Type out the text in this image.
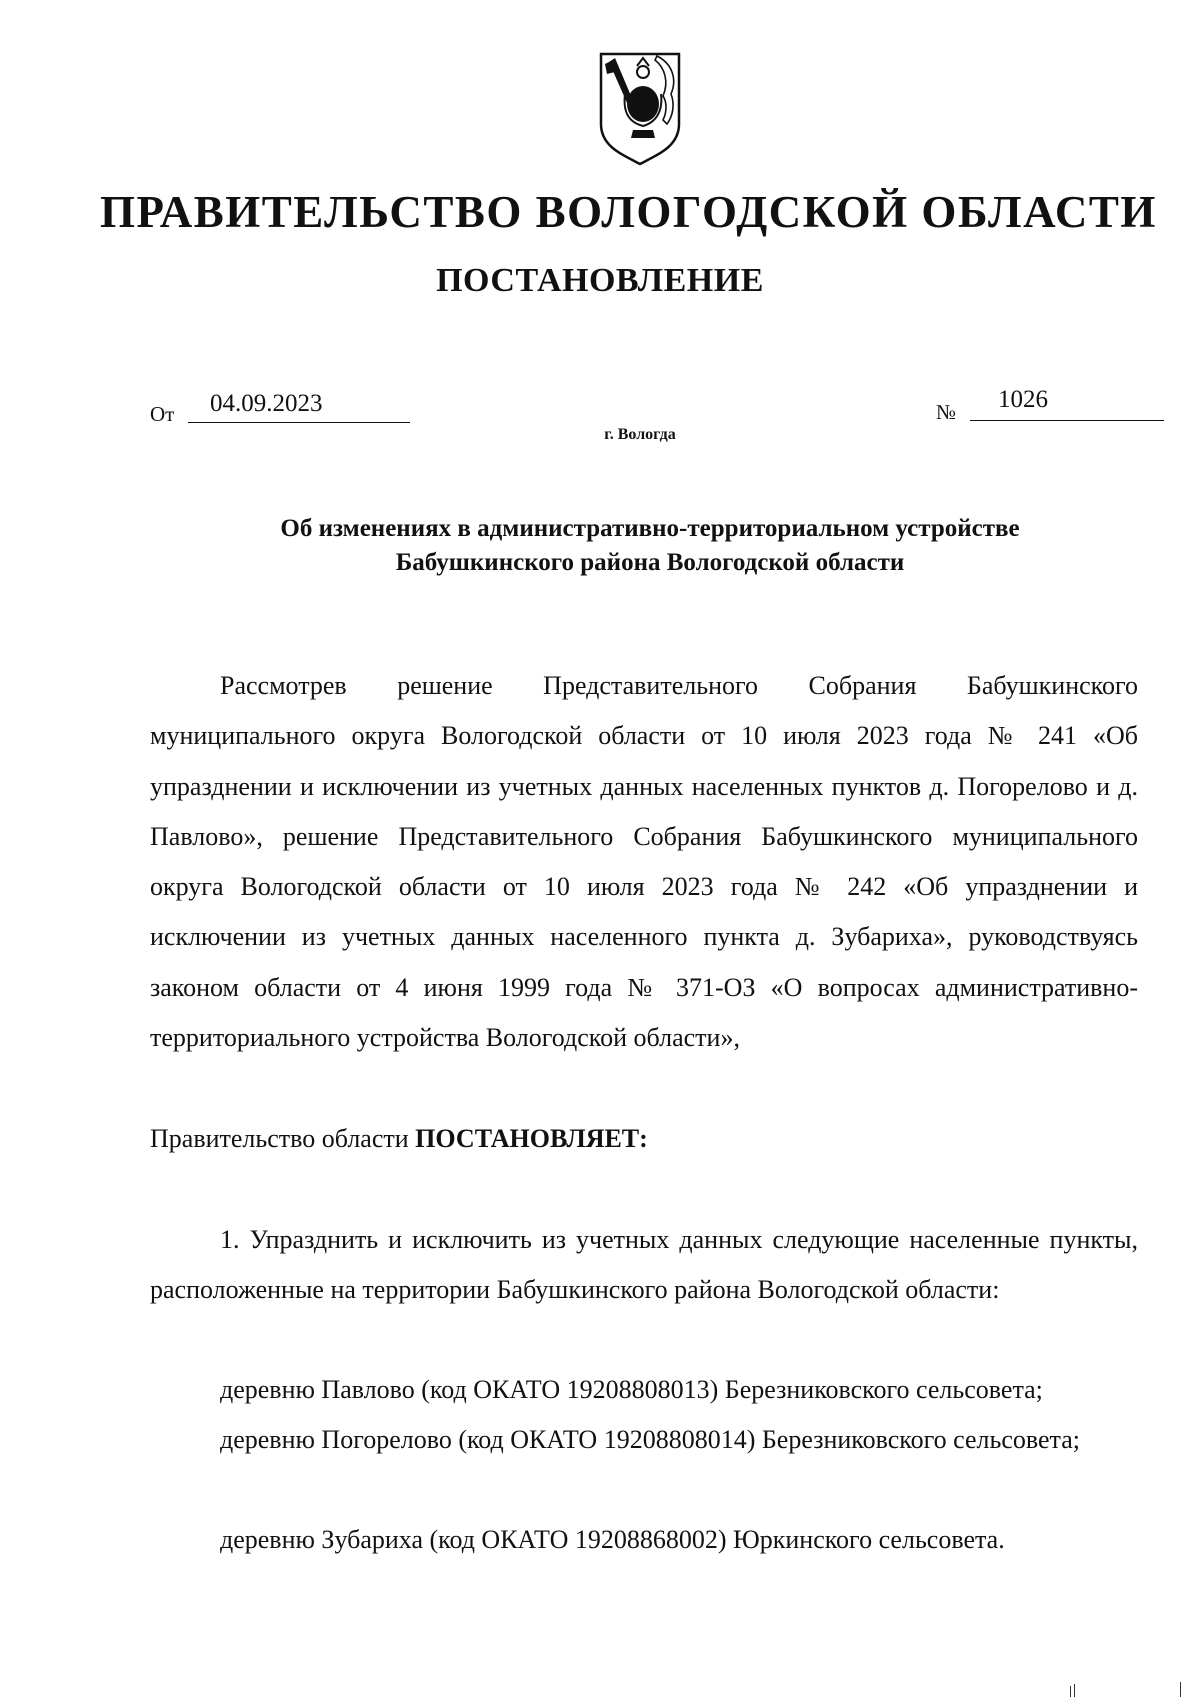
ПРАВИТЕЛЬСТВО ВОЛОГОДСКОЙ ОБЛАСТИ
ПОСТАНОВЛЕНИЕ
От 04.09.2023	№ 1026
г. Вологда
Об изменениях в административно-территориальном устройстве
Бабушкинского района Вологодской области

Рассмотрев решение Представительного Собрания Бабушкинского муниципального округа Вологодской области от 10 июля 2023 года № 241 «Об упразднении и исключении из учетных данных населенных пунктов д. Погорелово и д. Павлово», решение Представительного Собрания Бабушкинского муниципального округа Вологодской области от 10 июля 2023 года № 242 «Об упразднении и исключении из учетных данных населенного пункта д. Зубариха», руководствуясь законом области от 4 июня 1999 года № 371-ОЗ «О вопросах административно-территориального устройства Вологодской области»,

Правительство области ПОСТАНОВЛЯЕТ:

1. Упразднить и исключить из учетных данных следующие населенные пункты, расположенные на территории Бабушкинского района Вологодской области:

деревню Павлово (код ОКАТО 19208808013) Березниковского сельсовета;

деревню Погорелово (код ОКАТО 19208808014) Березниковского сельсовета;

деревню Зубариха (код ОКАТО 19208868002) Юркинского сельсовета.
